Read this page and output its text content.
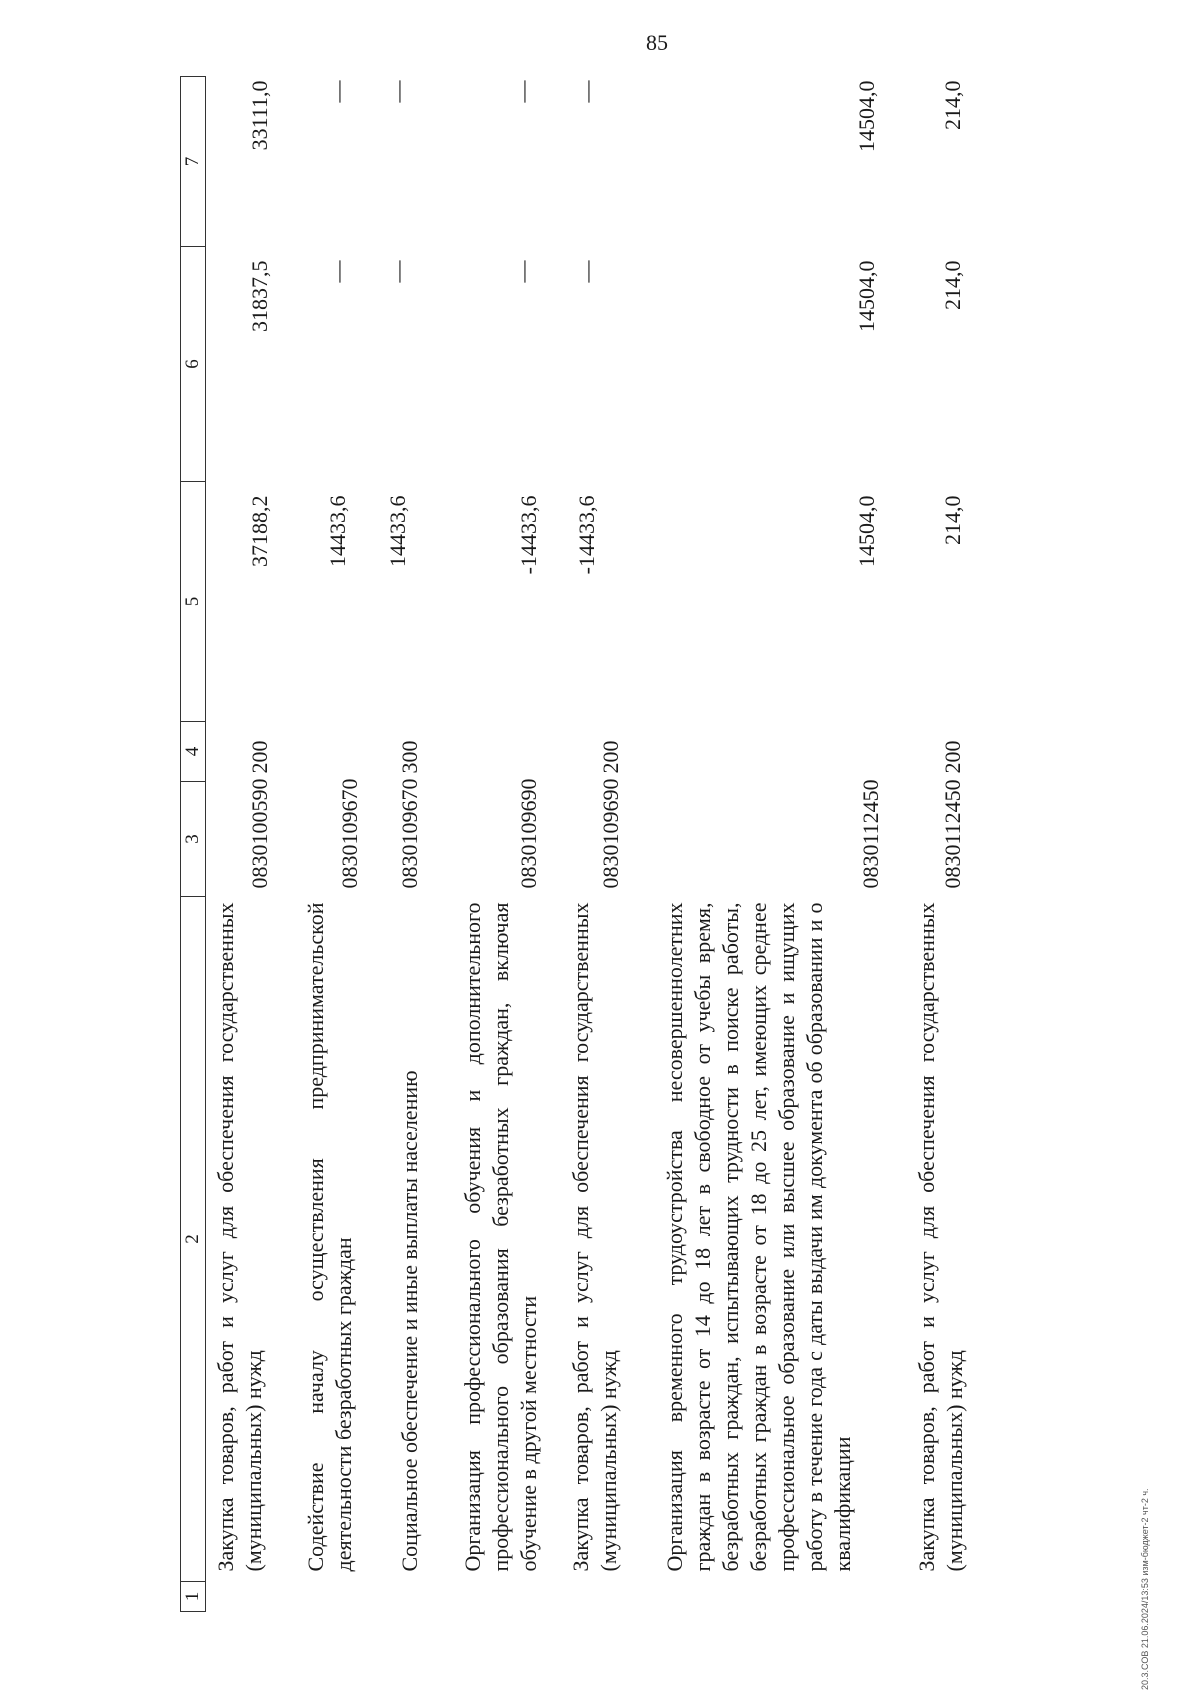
85
20.3.СОВ 21.06.2024/13:53 изм-бюджет-2 чт-2 ч.
1	2	3	4	5	6	7
	Закупка товаров, работ и услуг для обеспечения государственных (муниципальных) нужд	0830100590	200	37188,2	31837,5	33111,0
	Содействие началу осуществления предпринимательской деятельности безработных граждан	0830109670		14433,6	—	—
	Социальное обеспечение и иные выплаты населению	0830109670	300	14433,6	—	—
	Организация профессионального обучения и дополнительного профессионального образования безработных граждан, включая обучение в другой местности	0830109690		-14433,6	—	—
	Закупка товаров, работ и услуг для обеспечения государственных (муниципальных) нужд	0830109690	200	-14433,6	—	—
	Организация временного трудоустройства несовершеннолетних граждан в возрасте от 14 до 18 лет в свободное от учебы время, безработных граждан, испытывающих трудности в поиске работы, безработных граждан в возрасте от 18 до 25 лет, имеющих среднее профессиональное образование или высшее образование и ищущих работу в течение года с даты выдачи им документа об образовании и о квалификации	0830112450		14504,0	14504,0	14504,0
	Закупка товаров, работ и услуг для обеспечения государственных (муниципальных) нужд	0830112450	200	214,0	214,0	214,0
